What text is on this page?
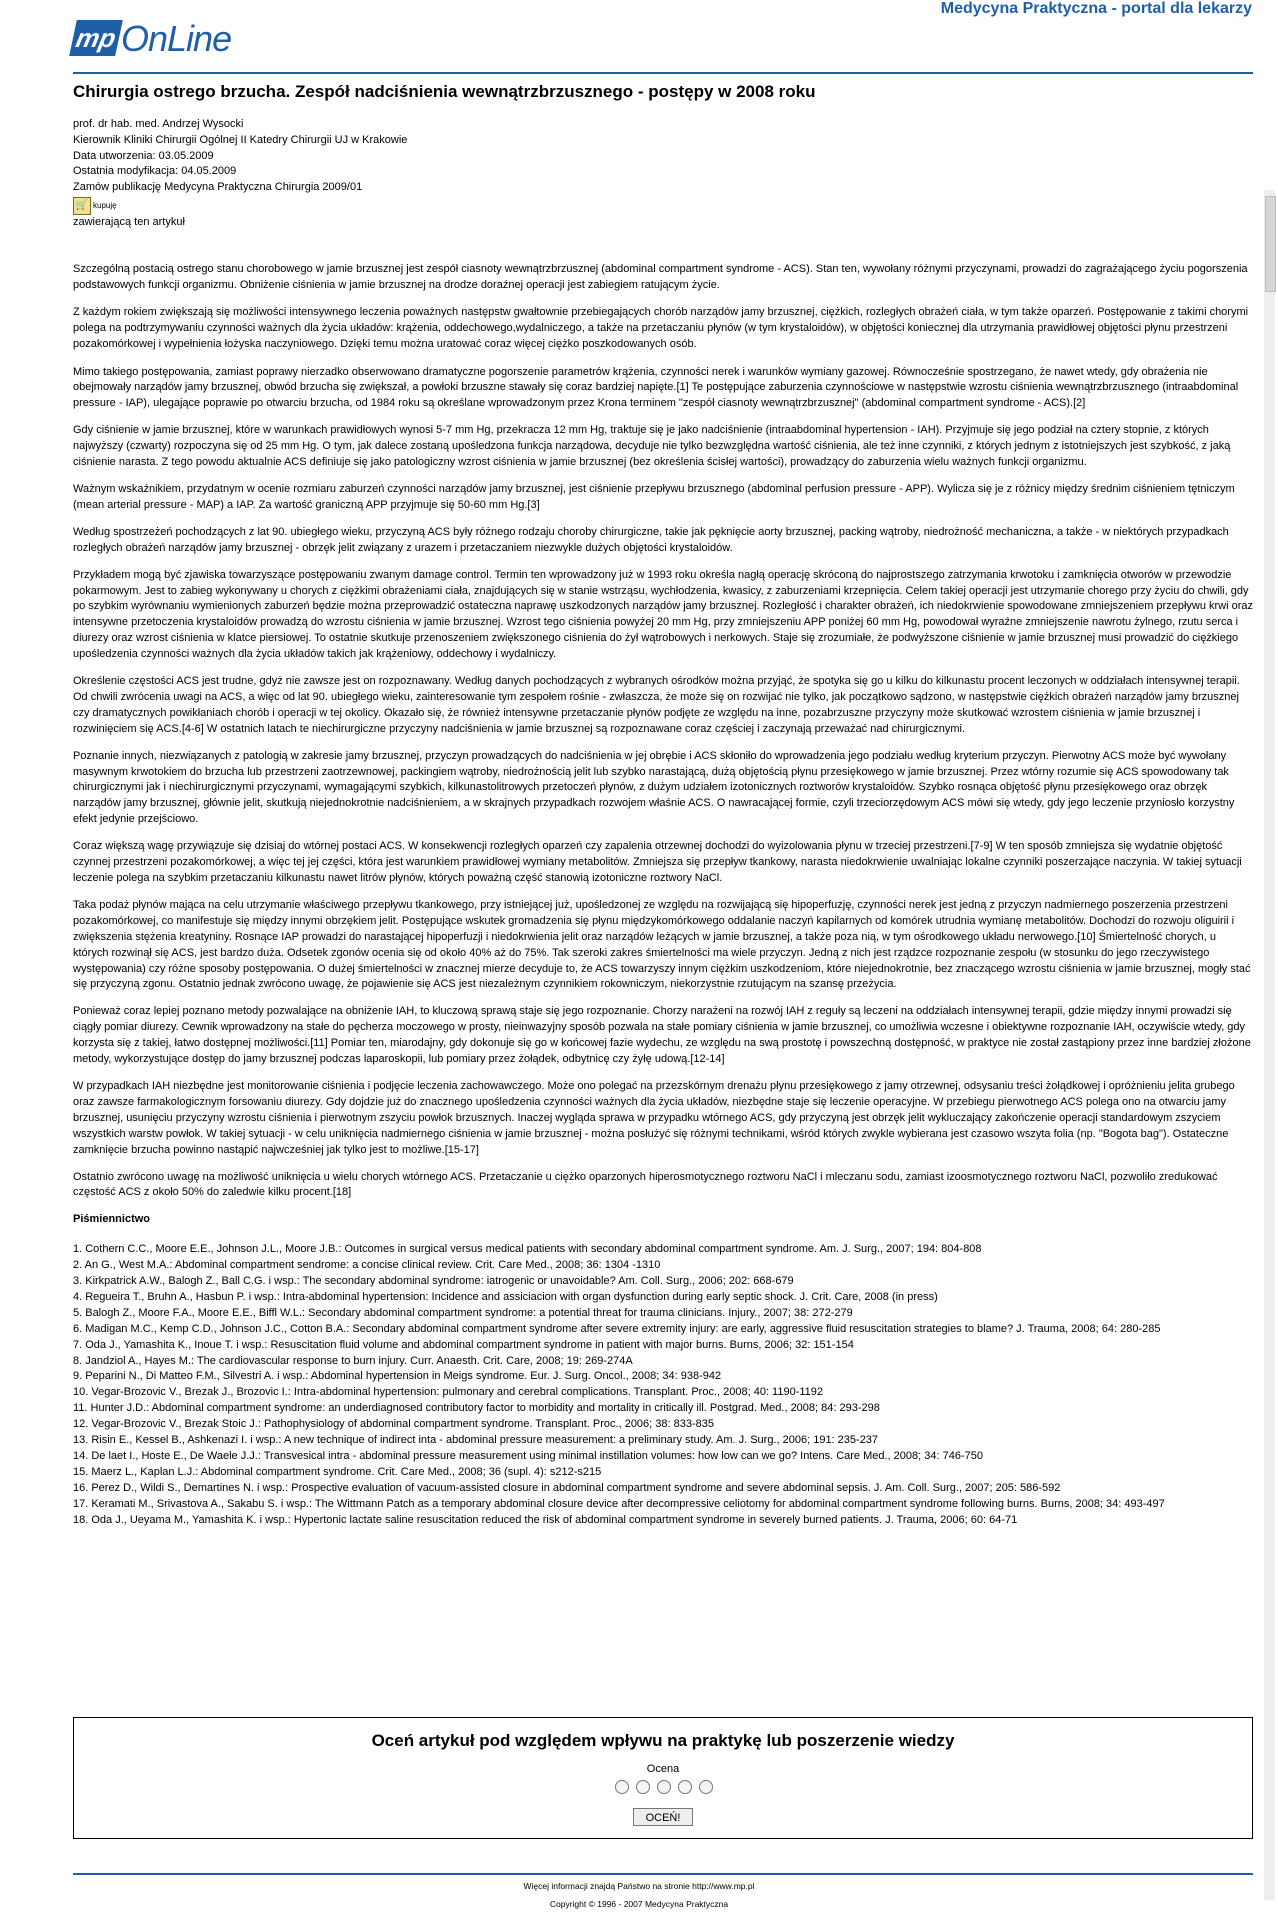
mp OnLine
Medycyna Praktyczna - portal dla lekarzy
Chirurgia ostrego brzucha. Zespół nadciśnienia wewnątrzbrzusznego - postępy w 2008 roku
prof. dr hab. med. Andrzej Wysocki
Kierownik Kliniki Chirurgii Ogólnej II Katedry Chirurgii UJ w Krakowie
Data utworzenia: 03.05.2009
Ostatnia modyfikacja: 04.05.2009
Zamów publikację Medycyna Praktyczna Chirurgia 2009/01
🛒 kupuję
zawierającą ten artykuł

Szczególną postacią ostrego stanu chorobowego w jamie brzusznej jest zespół ciasnoty wewnątrzbrzusznej (abdominal compartment syndrome - ACS). Stan ten, wywołany różnymi przyczynami, prowadzi do zagrażającego życiu pogorszenia podstawowych funkcji organizmu. Obniżenie ciśnienia w jamie brzusznej na drodze doraźnej operacji jest zabiegiem ratującym życie.

Z każdym rokiem zwiększają się możliwości intensywnego leczenia poważnych następstw gwałtownie przebiegających chorób narządów jamy brzusznej, ciężkich, rozległych obrażeń ciała, w tym także oparzeń. Postępowanie z takimi chorymi polega na podtrzymywaniu czynności ważnych dla życia układów: krążenia, oddechowego,wydalniczego, a także na przetaczaniu płynów (w tym krystaloidów), w objętości koniecznej dla utrzymania prawidłowej objętości płynu przestrzeni pozakomórkowej i wypełnienia łożyska naczyniowego. Dzięki temu można uratować coraz więcej ciężko poszkodowanych osób.

Mimo takiego postępowania, zamiast poprawy nierzadko obserwowano dramatyczne pogorszenie parametrów krążenia, czynności nerek i warunków wymiany gazowej. Równocześnie spostrzegano, że nawet wtedy, gdy obrażenia nie obejmowały narządów jamy brzusznej, obwód brzucha się zwiększał, a powłoki brzuszne stawały się coraz bardziej napięte.[1] Te postępujące zaburzenia czynnościowe w następstwie wzrostu ciśnienia wewnątrzbrzusznego (intraabdominal pressure - IAP), ulegające poprawie po otwarciu brzucha, od 1984 roku są określane wprowadzonym przez Krona terminem "zespół ciasnoty wewnątrzbrzusznej" (abdominal compartment syndrome - ACS).[2]

Gdy ciśnienie w jamie brzusznej, które w warunkach prawidłowych wynosi 5-7 mm Hg, przekracza 12 mm Hg, traktuje się je jako nadciśnienie (intraabdominal hypertension - IAH). Przyjmuje się jego podział na cztery stopnie, z których najwyższy (czwarty) rozpoczyna się od 25 mm Hg. O tym, jak dalece zostaną upośledzona funkcja narządowa, decyduje nie tylko bezwzględna wartość ciśnienia, ale też inne czynniki, z których jednym z istotniejszych jest szybkość, z jaką ciśnienie narasta. Z tego powodu aktualnie ACS definiuje się jako patologiczny wzrost ciśnienia w jamie brzusznej (bez określenia ścisłej wartości), prowadzący do zaburzenia wielu ważnych funkcji organizmu.

Ważnym wskaźnikiem, przydatnym w ocenie rozmiaru zaburzeń czynności narządów jamy brzusznej, jest ciśnienie przepływu brzusznego (abdominal perfusion pressure - APP). Wylicza się je z różnicy między średnim ciśnieniem tętniczym (mean arterial pressure - MAP) a IAP. Za wartość graniczną APP przyjmuje się 50-60 mm Hg.[3]

Według spostrzeżeń pochodzących z lat 90. ubiegłego wieku, przyczyną ACS były różnego rodzaju choroby chirurgiczne, takie jak pęknięcie aorty brzusznej, packing wątroby, niedrożność mechaniczna, a także - w niektórych przypadkach rozległych obrażeń narządów jamy brzusznej - obrzęk jelit związany z urazem i przetaczaniem niezwykle dużych objętości krystaloidów.

Przykładem mogą być zjawiska towarzyszące postępowaniu zwanym damage control. Termin ten wprowadzony już w 1993 roku określa nagłą operację skróconą do najprostszego zatrzymania krwotoku i zamknięcia otworów w przewodzie pokarmowym. Jest to zabieg wykonywany u chorych z ciężkimi obrażeniami ciała, znajdujących się w stanie wstrząsu, wychłodzenia, kwasicy, z zaburzeniami krzepnięcia. Celem takiej operacji jest utrzymanie chorego przy życiu do chwili, gdy po szybkim wyrównaniu wymienionych zaburzeń będzie można przeprowadzić ostateczna naprawę uszkodzonych narządów jamy brzusznej. Rozległość i charakter obrażeń, ich niedokrwienie spowodowane zmniejszeniem przepływu krwi oraz intensywne przetoczenia krystaloidów prowadzą do wzrostu ciśnienia w jamie brzusznej. Wzrost tego ciśnienia powyżej 20 mm Hg, przy zmniejszeniu APP poniżej 60 mm Hg, powodował wyraźne zmniejszenie nawrotu żylnego, rzutu serca i diurezy oraz wzrost ciśnienia w klatce piersiowej. To ostatnie skutkuje przenoszeniem zwiększonego ciśnienia do żył wątrobowych i nerkowych. Staje się zrozumiałe, że podwyższone ciśnienie w jamie brzusznej musi prowadzić do ciężkiego upośledzenia czynności ważnych dla życia układów takich jak krążeniowy, oddechowy i wydalniczy.

Określenie częstości ACS jest trudne, gdyż nie zawsze jest on rozpoznawany. Według danych pochodzących z wybranych ośrodków można przyjąć, że spotyka się go u kilku do kilkunastu procent leczonych w oddziałach intensywnej terapii.
Od chwili zwrócenia uwagi na ACS, a więc od lat 90. ubiegłego wieku, zainteresowanie tym zespołem rośnie - zwłaszcza, że może się on rozwijać nie tylko, jak początkowo sądzono, w następstwie ciężkich obrażeń narządów jamy brzusznej czy dramatycznych powikłaniach chorób i operacji w tej okolicy. Okazało się, że również intensywne przetaczanie płynów podjęte ze względu na inne, pozabrzuszne przyczyny może skutkować wzrostem ciśnienia w jamie brzusznej i rozwinięciem się ACS.[4-6] W ostatnich latach te niechirurgiczne przyczyny nadciśnienia w jamie brzusznej są rozpoznawane coraz częściej i zaczynają przeważać nad chirurgicznymi.

Poznanie innych, niezwiązanych z patologią w zakresie jamy brzusznej, przyczyn prowadzących do nadciśnienia w jej obrębie i ACS skłoniło do wprowadzenia jego podziału według kryterium przyczyn. Pierwotny ACS może być wywołany masywnym krwotokiem do brzucha lub przestrzeni zaotrzewnowej, packingiem wątroby, niedrożnością jelit lub szybko narastającą, dużą objętością płynu przesiękowego w jamie brzusznej. Przez wtórny rozumie się ACS spowodowany tak chirurgicznymi jak i niechirurgicznymi przyczynami, wymagającymi szybkich, kilkunastolitrowych przetoczeń płynów, z dużym udziałem izotonicznych roztworów krystaloidów. Szybko rosnąca objętość płynu przesiękowego oraz obrzęk narządów jamy brzusznej, głównie jelit, skutkują niejednokrotnie nadciśnieniem, a w skrajnych przypadkach rozwojem właśnie ACS. O nawracającej formie, czyli trzeciorzędowym ACS mówi się wtedy, gdy jego leczenie przyniosło korzystny efekt jedynie przejściowo.

Coraz większą wagę przywiązuje się dzisiaj do wtórnej postaci ACS. W konsekwencji rozległych oparzeń czy zapalenia otrzewnej dochodzi do wyizolowania płynu w trzeciej przestrzeni.[7-9] W ten sposób zmniejsza się wydatnie objętość czynnej przestrzeni pozakomórkowej, a więc tej jej części, która jest warunkiem prawidłowej wymiany metabolitów. Zmniejsza się przepływ tkankowy, narasta niedokrwienie uwalniając lokalne czynniki poszerzające naczynia. W takiej sytuacji leczenie polega na szybkim przetaczaniu kilkunastu nawet litrów płynów, których poważną część stanowią izotoniczne roztwory NaCl.

Taka podaż płynów mająca na celu utrzymanie właściwego przepływu tkankowego, przy istniejącej już, upośledzonej ze względu na rozwijającą się hipoperfuzję, czynności nerek jest jedną z przyczyn nadmiernego poszerzenia przestrzeni pozakomórkowej, co manifestuje się między innymi obrzękiem jelit. Postępujące wskutek gromadzenia się płynu międzykomórkowego oddalanie naczyń kapilarnych od komórek utrudnia wymianę metabolitów. Dochodzi do rozwoju oliguirii i zwiększenia stężenia kreatyniny. Rosnące IAP prowadzi do narastającej hipoperfuzji i niedokrwienia jelit oraz narządów leżących w jamie brzusznej, a także poza nią, w tym ośrodkowego układu nerwowego.[10] Śmiertelność chorych, u których rozwinął się ACS, jest bardzo duża. Odsetek zgonów ocenia się od około 40% aż do 75%. Tak szeroki zakres śmiertelności ma wiele przyczyn. Jedną z nich jest rządzce rozpoznanie zespołu (w stosunku do jego rzeczywistego występowania) czy różne sposoby postępowania. O dużej śmiertelności w znacznej mierze decyduje to, że ACS towarzyszy innym ciężkim uszkodzeniom, które niejednokrotnie, bez znaczącego wzrostu ciśnienia w jamie brzusznej, mogły stać się przyczyną zgonu. Ostatnio jednak zwrócono uwagę, że pojawienie się ACS jest niezależnym czynnikiem rokowniczym, niekorzystnie rzutującym na szansę przeżycia.

Ponieważ coraz lepiej poznano metody pozwalające na obniżenie IAH, to kluczową sprawą staje się jego rozpoznanie. Chorzy narażeni na rozwój IAH z reguły są leczeni na oddziałach intensywnej terapii, gdzie między innymi prowadzi się ciągły pomiar diurezy. Cewnik wprowadzony na stałe do pęcherza moczowego w prosty, nieinwazyjny sposób pozwala na stałe pomiary ciśnienia w jamie brzusznej, co umożliwia wczesne i obiektywne rozpoznanie IAH, oczywiście wtedy, gdy korzysta się z takiej, łatwo dostępnej możliwości.[11] Pomiar ten, miarodajny, gdy dokonuje się go w końcowej fazie wydechu, ze względu na swą prostotę i powszechną dostępność, w praktyce nie został zastąpiony przez inne bardziej złożone metody, wykorzystujące dostęp do jamy brzusznej podczas laparoskopii, lub pomiary przez żołądek, odbytnicę czy żyłę udową.[12-14]

W przypadkach IAH niezbędne jest monitorowanie ciśnienia i podjęcie leczenia zachowawczego. Może ono polegać na przezskórnym drenażu płynu przesiękowego z jamy otrzewnej, odsysaniu treści żołądkowej i opróżnieniu jelita grubego oraz zawsze farmakologicznym forsowaniu diurezy. Gdy dojdzie już do znacznego upośledzenia czynności ważnych dla życia układów, niezbędne staje się leczenie operacyjne. W przebiegu pierwotnego ACS polega ono na otwarciu jamy brzusznej, usunięciu przyczyny wzrostu ciśnienia i pierwotnym zszyciu powłok brzusznych. Inaczej wygląda sprawa w przypadku wtórnego ACS, gdy przyczyną jest obrzęk jelit wykluczający zakończenie operacji standardowym zszyciem wszystkich warstw powłok. W takiej sytuacji - w celu uniknięcia nadmiernego ciśnienia w jamie brzusznej - można posłużyć się różnymi technikami, wśród których zwykle wybierana jest czasowo wszyta folia (np. "Bogota bag"). Ostateczne zamknięcie brzucha powinno nastąpić najwcześniej jak tylko jest to możliwe.[15-17]

Ostatnio zwrócono uwagę na możliwość uniknięcia u wielu chorych wtórnego ACS. Przetaczanie u ciężko oparzonych hiperosmotycznego roztworu NaCl i mleczanu sodu, zamiast izoosmotycznego roztworu NaCl, pozwoliło zredukować częstość ACS z około 50% do zaledwie kilku procent.[18]

Piśmiennictwo
1. Cothern C.C., Moore E.E., Johnson J.L., Moore J.B.: Outcomes in surgical versus medical patients with secondary abdominal compartment syndrome. Am. J. Surg., 2007; 194: 804-808
2. An G., West M.A.: Abdominal compartment sendrome: a concise clinical review. Crit. Care Med., 2008; 36: 1304 -1310
3. Kirkpatrick A.W., Balogh Z., Ball C.G. i wsp.: The secondary abdominal syndrome: iatrogenic or unavoidable? Am. Coll. Surg., 2006; 202: 668-679
4. Regueira T., Bruhn A., Hasbun P. i wsp.: Intra-abdominal hypertension: Incidence and assiciacion with organ dysfunction during early septic shock. J. Crit. Care, 2008 (in press)
5. Balogh Z., Moore F.A., Moore E.E., Biffl W.L.: Secondary abdominal compartment syndrome: a potential threat for trauma clinicians. Injury., 2007; 38: 272-279
6. Madigan M.C., Kemp C.D., Johnson J.C., Cotton B.A.: Secondary abdominal compartment syndrome after severe extremity injury: are early, aggressive fluid resuscitation strategies to blame? J. Trauma, 2008; 64: 280-285
7. Oda J., Yamashita K., Inoue T. i wsp.: Resuscitation fluid volume and abdominal compartment syndrome in patient with major burns. Burns, 2006; 32: 151-154
8. Jandziol A., Hayes M.: The cardiovascular response to burn injury. Curr. Anaesth. Crit. Care, 2008; 19: 269-274A
9. Peparini N., Di Matteo F.M., Silvestri A. i wsp.: Abdominal hypertension in Meigs syndrome. Eur. J. Surg. Oncol., 2008; 34: 938-942
10. Vegar-Brozovic V., Brezak J., Brozovic I.: Intra-abdominal hypertension: pulmonary and cerebral complications. Transplant. Proc., 2008; 40: 1190-1192
11. Hunter J.D.: Abdominal compartment syndrome: an underdiagnosed contributory factor to morbidity and mortality in critically ill. Postgrad. Med., 2008; 84: 293-298
12. Vegar-Brozovic V., Brezak Stoic J.: Pathophysiology of abdominal compartment syndrome. Transplant. Proc., 2006; 38: 833-835
13. Risin E., Kessel B., Ashkenazi I. i wsp.: A new technique of indirect inta - abdominal pressure measurement: a preliminary study. Am. J. Surg., 2006; 191: 235-237
14. De laet I., Hoste E., De Waele J.J.: Transvesical intra - abdominal pressure measurement using minimal instillation volumes: how low can we go? Intens. Care Med., 2008; 34: 746-750
15. Maerz L., Kaplan L.J.: Abdominal compartment syndrome. Crit. Care Med., 2008; 36 (supl. 4): s212-s215
16. Perez D., Wildi S., Demartines N. i wsp.: Prospective evaluation of vacuum-assisted closure in abdominal compartment syndrome and severe abdominal sepsis. J. Am. Coll. Surg., 2007; 205: 586-592
17. Keramati M., Srivastova A., Sakabu S. i wsp.: The Wittmann Patch as a temporary abdominal closure device after decompressive celiotomy for abdominal compartment syndrome following burns. Burns, 2008; 34: 493-497
18. Oda J., Ueyama M., Yamashita K. i wsp.: Hypertonic lactate saline resuscitation reduced the risk of abdominal compartment syndrome in severely burned patients. J. Trauma, 2006; 60: 64-71
Oceń artykuł pod względem wpływu na praktykę lub poszerzenie wiedzy
Ocena
OCEŃ!
Więcej informacji znajdą Państwo na stronie http://www.mp.pl
Copyright © 1996 - 2007 Medycyna Praktyczna
